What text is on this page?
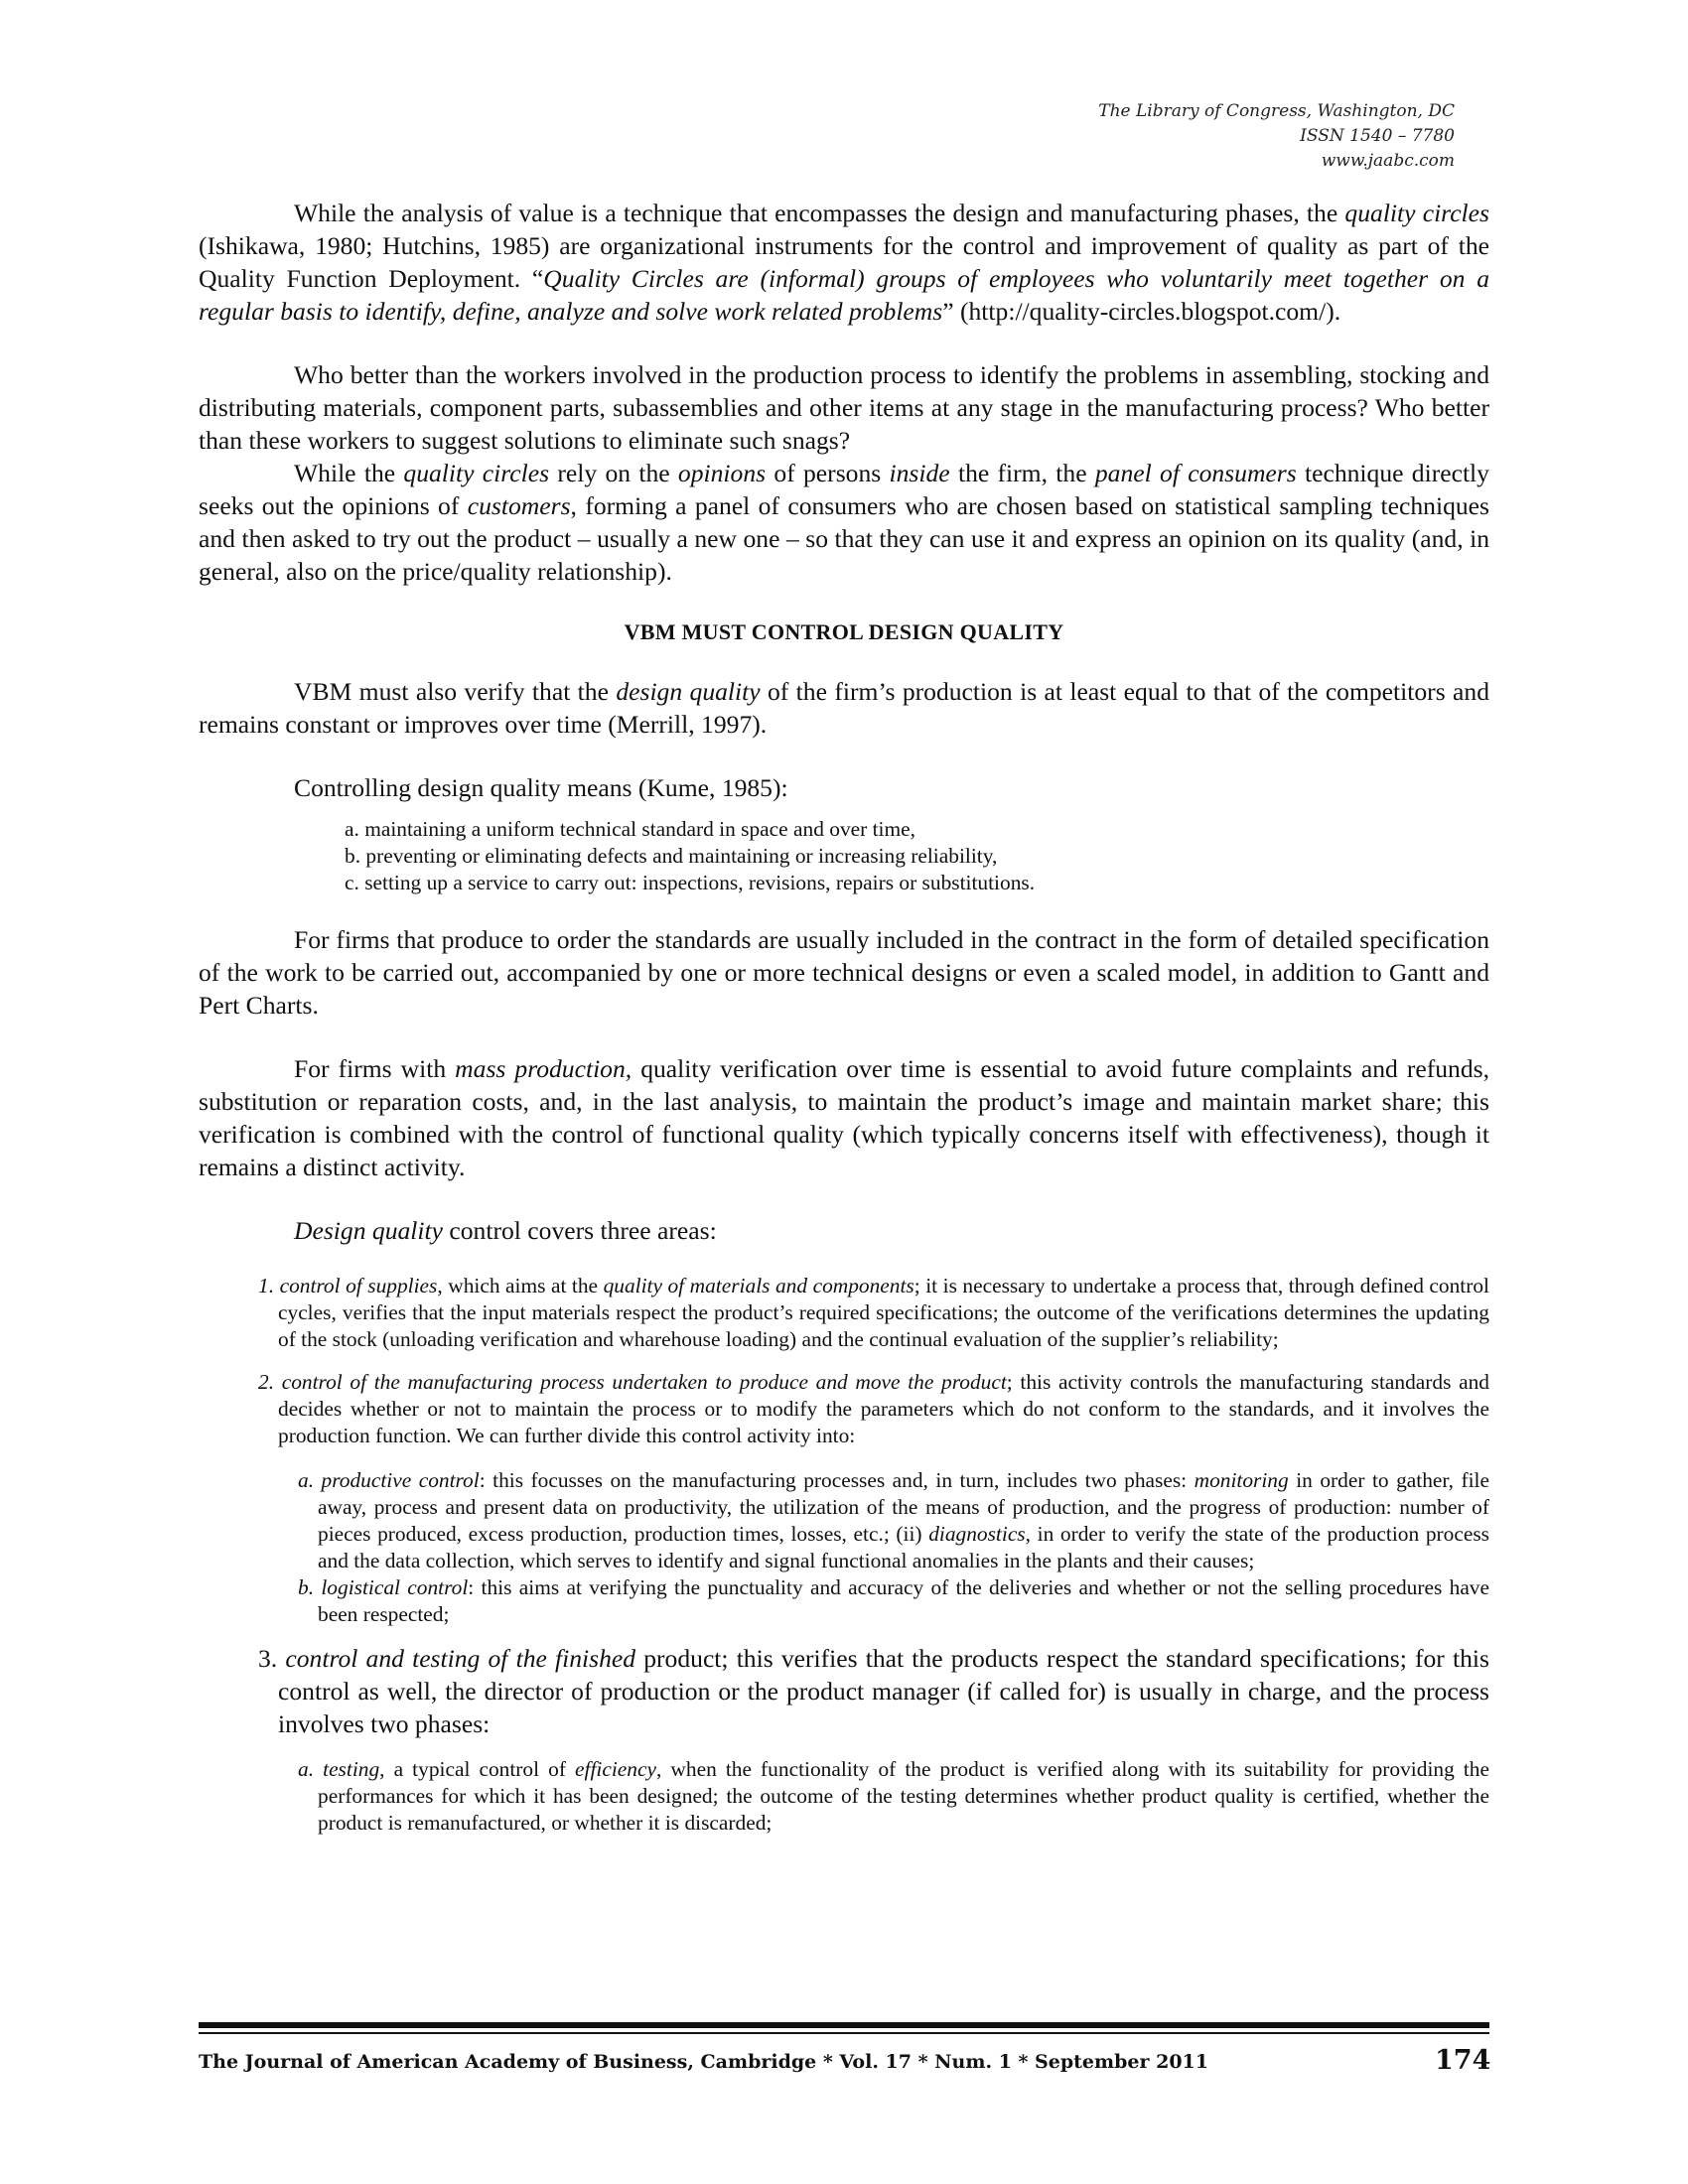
The Library of Congress, Washington, DC
ISSN 1540 – 7780
www.jaabc.com

While the analysis of value is a technique that encompasses the design and manufacturing phases, the quality circles (Ishikawa, 1980; Hutchins, 1985) are organizational instruments for the control and improvement of quality as part of the Quality Function Deployment. “Quality Circles are (informal) groups of employees who voluntarily meet together on a regular basis to identify, define, analyze and solve work related problems” (http://quality-circles.blogspot.com/).

Who better than the workers involved in the production process to identify the problems in assembling, stocking and distributing materials, component parts, subassemblies and other items at any stage in the manufacturing process? Who better than these workers to suggest solutions to eliminate such snags?

While the quality circles rely on the opinions of persons inside the firm, the panel of consumers technique directly seeks out the opinions of customers, forming a panel of consumers who are chosen based on statistical sampling techniques and then asked to try out the product – usually a new one – so that they can use it and express an opinion on its quality (and, in general, also on the price/quality relationship).

VBM MUST CONTROL DESIGN QUALITY

VBM must also verify that the design quality of the firm’s production is at least equal to that of the competitors and remains constant or improves over time (Merrill, 1997).

Controlling design quality means (Kume, 1985):

a. maintaining a uniform technical standard in space and over time,
b. preventing or eliminating defects and maintaining or increasing reliability,
c. setting up a service to carry out: inspections, revisions, repairs or substitutions.

For firms that produce to order the standards are usually included in the contract in the form of detailed specification of the work to be carried out, accompanied by one or more technical designs or even a scaled model, in addition to Gantt and Pert Charts.

For firms with mass production, quality verification over time is essential to avoid future complaints and refunds, substitution or reparation costs, and, in the last analysis, to maintain the product’s image and maintain market share; this verification is combined with the control of functional quality (which typically concerns itself with effectiveness), though it remains a distinct activity.

Design quality control covers three areas:

1. control of supplies, which aims at the quality of materials and components; it is necessary to undertake a process that, through defined control cycles, verifies that the input materials respect the product’s required specifications; the outcome of the verifications determines the updating of the stock (unloading verification and wharehouse loading) and the continual evaluation of the supplier’s reliability;
2. control of the manufacturing process undertaken to produce and move the product; this activity controls the manufacturing standards and decides whether or not to maintain the process or to modify the parameters which do not conform to the standards, and it involves the production function. We can further divide this control activity into:
a. productive control: this focusses on the manufacturing processes and, in turn, includes two phases: monitoring in order to gather, file away, process and present data on productivity, the utilization of the means of production, and the progress of production: number of pieces produced, excess production, production times, losses, etc.; (ii) diagnostics, in order to verify the state of the production process and the data collection, which serves to identify and signal functional anomalies in the plants and their causes;
b. logistical control: this aims at verifying the punctuality and accuracy of the deliveries and whether or not the selling procedures have been respected;
3. control and testing of the finished product; this verifies that the products respect the standard specifications; for this control as well, the director of production or the product manager (if called for) is usually in charge, and the process involves two phases:
a. testing, a typical control of efficiency, when the functionality of the product is verified along with its suitability for providing the performances for which it has been designed; the outcome of the testing determines whether product quality is certified, whether the product is remanufactured, or whether it is discarded;
The Journal of American Academy of Business, Cambridge * Vol. 17 * Num. 1 * September 2011	174
